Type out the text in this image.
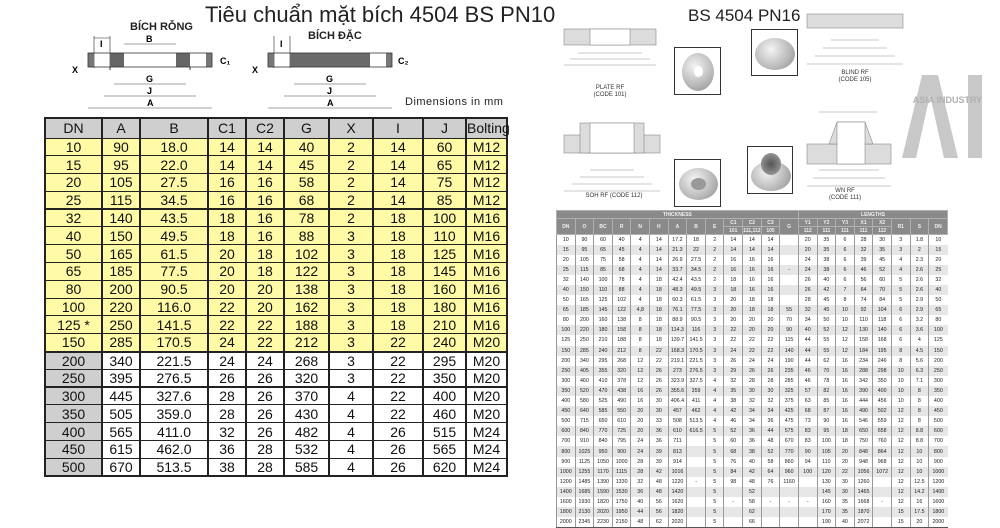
Tiêu chuẩn mặt bích 4504 BS PN10
BÍCH RỖNG
I	B
C₁
X
G
J
A
BÍCH ĐẶC
I
C₂
X
G
J
A	Dimensions in mm
DN	A	B	C1	C2	G	X	I	J	Bolting
10	90	18.0	14	14	40	2	14	60	M12
15	95	22.0	14	14	45	2	14	65	M12
20	105	27.5	16	16	58	2	14	75	M12
25	115	34.5	16	16	68	2	14	85	M12
32	140	43.5	18	16	78	2	18	100	M16
40	150	49.5	18	16	88	3	18	110	M16
50	165	61.5	20	18	102	3	18	125	M16
65	185	77.5	20	18	122	3	18	145	M16
80	200	90.5	20	20	138	3	18	160	M16
100	220	116.0	22	20	162	3	18	180	M16
125 *	250	141.5	22	22	188	3	18	210	M16
150	285	170.5	24	22	212	3	22	240	M20
200	340	221.5	24	24	268	3	22	295	M20
250	395	276.5	26	26	320	3	22	350	M20
300	445	327.6	28	26	370	4	22	400	M20
350	505	359.0	28	26	430	4	22	460	M20
400	565	411.0	32	26	482	4	26	515	M24
450	615	462.0	36	28	532	4	26	565	M24
500	670	513.5	38	28	585	4	26	620	M24
BS 4504 PN16
PLATE RF
(CODE 101)
BLIND RF
(CODE 105)
ASIA INDUSTRY
SOH RF (CODE 112)
WN RF
(CODE 111)
THICKNESS													LENGTHS							
DN	O	BC	R	N	H	A	B	E	C1	C2	C3	G	Y1	Y2	Y3	X1	X2	R1	S	DN
									101	111,112	105		112	111	111	111	112			
10	90	60	40	4	14	17.2	18	2	14	14	14		20	35	6	28	30	3	1.8	10
15	95	65	45	4	14	21.3	22	2	14	14	14		20	35	6	32	35	3	2	15
20	105	75	58	4	14	26.9	27.5	2	16	16	16		24	38	6	39	45	4	2.3	20
25	115	85	68	4	14	33.7	34.5	2	16	16	16	-	24	38	6	46	52	4	2.6	25
32	140	100	78	4	18	42.4	43.5	2	18	16	16		26	40	6	56	60	5	2.6	32
40	150	110	88	4	18	48.3	49.5	3	18	16	16		26	42	7	64	70	5	2.6	40
50	165	125	102	4	18	60.3	61.5	3	20	18	18		28	45	8	74	84	5	2.9	50
65	185	145	122	4,8	18	76.1	77.5	3	20	18	18	55	32	45	10	92	104	6	2.9	65
80	200	160	138	8	18	88.9	90.5	3	20	20	20	70	34	50	10	110	118	6	3.2	80
100	220	180	158	8	18	114.3	116	3	22	20	20	90	40	52	12	130	140	6	3.6	100
125	250	210	188	8	18	139.7	141.5	3	22	22	22	115	44	55	12	158	168	6	4	125
150	285	240	212	8	22	168.3	170.5	3	24	22	22	140	44	55	12	184	195	8	4.5	150
200	340	295	268	12	22	219.1	221.5	3	26	24	24	190	44	62	16	234	246	8	5.6	200
250	405	355	320	12	26	273	276.5	3	29	26	26	235	46	70	16	288	298	10	6.3	250
300	460	410	378	12	26	323.9	327.5	4	32	28	28	285	46	78	16	342	350	10	7.1	300
350	520	470	438	16	26	355.6	359	4	35	30	30	325	57	82	16	390	400	10	8	350
400	580	525	490	16	30	406.4	411	4	38	32	32	375	63	85	16	444	456	10	8	400
450	640	585	550	20	30	457	462	4	42	34	34	425	68	87	16	490	502	12	8	450
500	715	650	610	20	33	508	513.5	4	46	34	36	475	73	90	16	546	559	12	8	500
600	840	770	725	20	36	610	616.5	5	52	36	44	575	83	95	18	650	658	12	8.8	600
700	910	840	795	24	36	711		5	60	36	48	670	83	100	18	750	760	12	8.8	700
800	1025	950	900	24	39	813		5	68	38	52	770	90	105	20	848	864	12	10	800
900	1125	1050	1000	28	39	914		5	76	40	58	860	94	110	20	948	968	12	10	900
1000	1255	1170	1115	28	42	1016		5	84	42	64	960	100	120	22	1056	1072	12	10	1000
1200	1485	1390	1330	32	48	1220	-	5	98	48	76	1160		130	30	1260		12	12.5	1200
1400	1685	1590	1530	36	48	1420		5		52				145	30	1465		12	14.2	1400
1600	1930	1820	1750	40	56	1620		5	-	58	-	-	-	160	35	1668	-	12	16	1600
1800	2130	2020	1950	44	56	1820		5		62				170	35	1870		15	17.5	1800
2000	2345	2230	2150	48	62	2020		5		66				190	40	2072		15	20	2000
